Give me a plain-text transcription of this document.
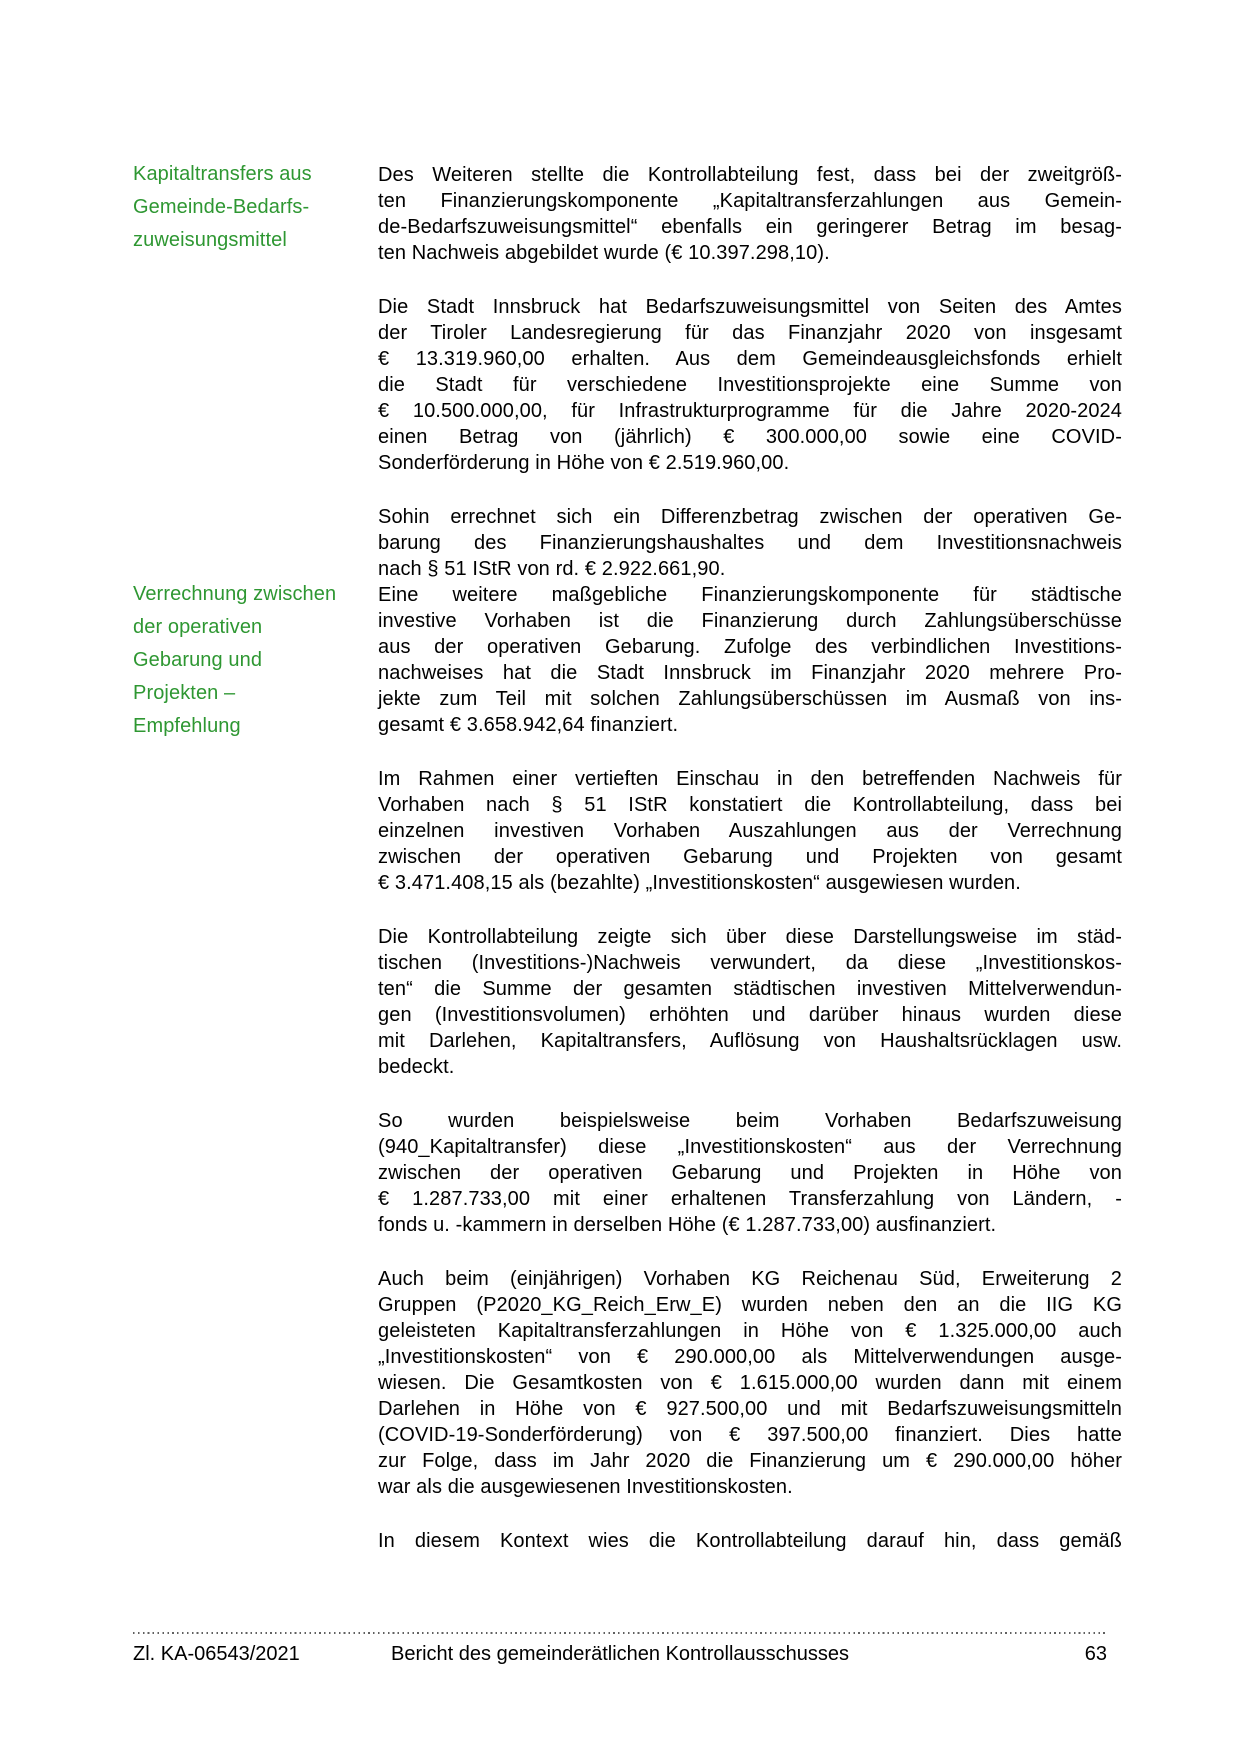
Kapitaltransfers aus
Gemeinde-Bedarfs-
zuweisungsmittel
Des Weiteren stellte die Kontrollabteilung fest, dass bei der zweitgröß-
ten Finanzierungskomponente „Kapitaltransferzahlungen aus Gemein-
de-Bedarfszuweisungsmittel“ ebenfalls ein geringerer Betrag im besag-
ten Nachweis abgebildet wurde (€ 10.397.298,10).
Die Stadt Innsbruck hat Bedarfszuweisungsmittel von Seiten des Amtes
der Tiroler Landesregierung für das Finanzjahr 2020 von insgesamt
€ 13.319.960,00 erhalten. Aus dem Gemeindeausgleichsfonds erhielt
die Stadt für verschiedene Investitionsprojekte eine Summe von
€ 10.500.000,00, für Infrastrukturprogramme für die Jahre 2020-2024
einen Betrag von (jährlich) € 300.000,00 sowie eine COVID-
Sonderförderung in Höhe von € 2.519.960,00.
Sohin errechnet sich ein Differenzbetrag zwischen der operativen Ge-
barung des Finanzierungshaushaltes und dem Investitionsnachweis
nach § 51 IStR von rd. € 2.922.661,90.
Verrechnung zwischen
der operativen
Gebarung und
Projekten –
Empfehlung
Eine weitere maßgebliche Finanzierungskomponente für städtische
investive Vorhaben ist die Finanzierung durch Zahlungsüberschüsse
aus der operativen Gebarung. Zufolge des verbindlichen Investitions-
nachweises hat die Stadt Innsbruck im Finanzjahr 2020 mehrere Pro-
jekte zum Teil mit solchen Zahlungsüberschüssen im Ausmaß von ins-
gesamt € 3.658.942,64 finanziert.
Im Rahmen einer vertieften Einschau in den betreffenden Nachweis für
Vorhaben nach § 51 IStR konstatiert die Kontrollabteilung, dass bei
einzelnen investiven Vorhaben Auszahlungen aus der Verrechnung
zwischen der operativen Gebarung und Projekten von gesamt
€ 3.471.408,15 als (bezahlte) „Investitionskosten“ ausgewiesen wurden.
Die Kontrollabteilung zeigte sich über diese Darstellungsweise im städ-
tischen (Investitions-)Nachweis verwundert, da diese „Investitionskos-
ten“ die Summe der gesamten städtischen investiven Mittelverwendun-
gen (Investitionsvolumen) erhöhten und darüber hinaus wurden diese
mit Darlehen, Kapitaltransfers, Auflösung von Haushaltsrücklagen usw.
bedeckt.
So wurden beispielsweise beim Vorhaben Bedarfszuweisung
(940_Kapitaltransfer) diese „Investitionskosten“ aus der Verrechnung
zwischen der operativen Gebarung und Projekten in Höhe von
€ 1.287.733,00 mit einer erhaltenen Transferzahlung von Ländern, -
fonds u. -kammern in derselben Höhe (€ 1.287.733,00) ausfinanziert.
Auch beim (einjährigen) Vorhaben KG Reichenau Süd, Erweiterung 2
Gruppen (P2020_KG_Reich_Erw_E) wurden neben den an die IIG KG
geleisteten Kapitaltransferzahlungen in Höhe von € 1.325.000,00 auch
„Investitionskosten“ von € 290.000,00 als Mittelverwendungen ausge-
wiesen. Die Gesamtkosten von € 1.615.000,00 wurden dann mit einem
Darlehen in Höhe von € 927.500,00 und mit Bedarfszuweisungsmitteln
(COVID-19-Sonderförderung) von € 397.500,00 finanziert. Dies hatte
zur Folge, dass im Jahr 2020 die Finanzierung um € 290.000,00 höher
war als die ausgewiesenen Investitionskosten.
In diesem Kontext wies die Kontrollabteilung darauf hin, dass gemäß
Bericht des gemeinderätlichen Kontrollausschusses
Zl. KA-06543/2021	63
